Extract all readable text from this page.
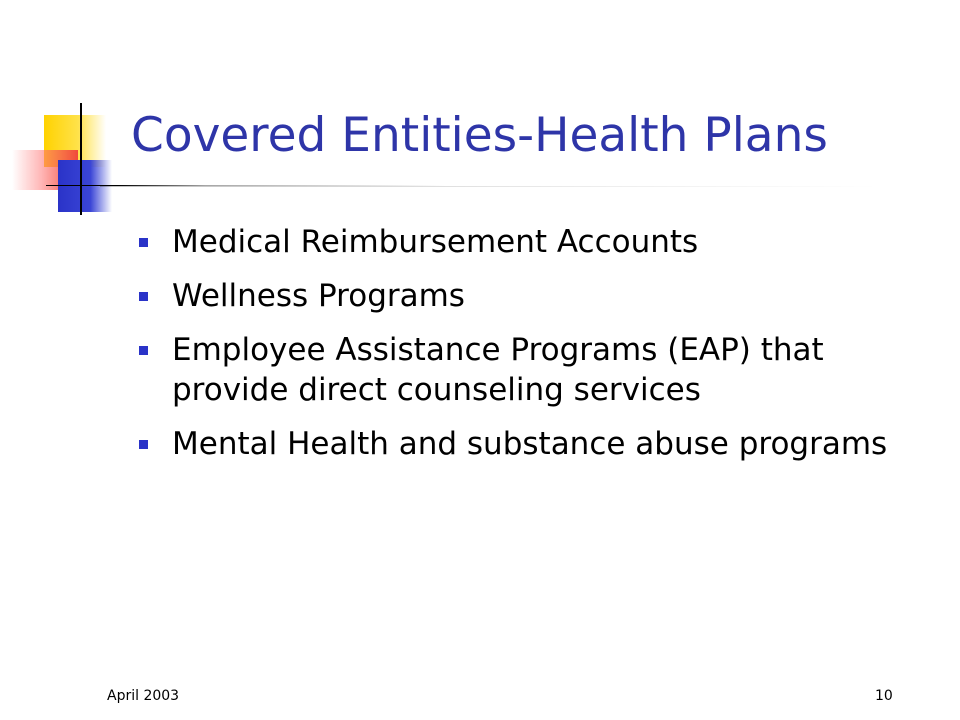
Covered Entities-Health Plans
Medical Reimbursement Accounts
Wellness Programs
Employee Assistance Programs (EAP) that provide direct counseling services
Mental Health and substance abuse programs
April 2003	10
